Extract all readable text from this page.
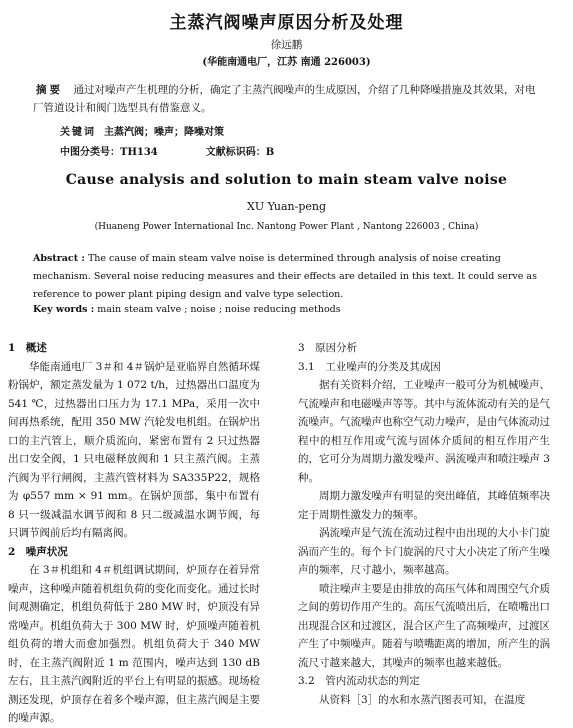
主蒸汽阀噪声原因分析及处理
徐远鹏
(华能南通电厂，江苏 南通 226003)
摘要　 通过对噪声产生机理的分析，确定了主蒸汽阀噪声的生成原因，介绍了几种降噪措施及其效果，对电厂管道设计和阀门选型具有借鉴意义。
关键词 主蒸汽阀；噪声；降噪对策
中图分类号：TH134	文献标识码：B
Cause analysis and solution to main steam valve noise
XU Yuan-peng
(Huaneng Power International Inc. Nantong Power Plant , Nantong 226003 , China)
Abstract : The cause of main steam valve noise is determined through analysis of noise creating mechanism. Several noise reducing measures and their effects are detailed in this text. It could serve as reference to power plant piping design and valve type selection.
Key words : main steam valve ; noise ; noise reducing methods
1　概述

华能南通电厂 3＃和 4＃锅炉是亚临界自然循环煤粉锅炉，额定蒸发量为 1 072 t/h，过热器出口温度为 541 ℃，过热器出口压力为 17.1 MPa，采用一次中间再热系统，配用 350 MW 汽轮发电机组。在锅炉出口的主汽管上，顺介质流向，紧密布置有 2 只过热器出口安全阀，1 只电磁释放阀和 1 只主蒸汽阀。主蒸汽阀为平行闸阀，主蒸汽管材料为 SA335P22，规格为 φ557 mm × 91 mm。在锅炉顶部，集中布置有 8 只一级减温水调节阀和 8 只二级减温水调节阀，每只调节阀前后均有隔离阀。

2　噪声状况

在 3＃机组和 4＃机组调试期间，炉顶存在着异常噪声，这种噪声随着机组负荷的变化而变化。通过长时间观测确定，机组负荷低于 280 MW 时，炉顶没有异常噪声。机组负荷大于 300 MW 时，炉顶噪声随着机组负荷的增大而愈加强烈。机组负荷大于 340 MW 时，在主蒸汽阀附近 1 m 范围内，噪声达到 130 dB 左右，且主蒸汽阀附近的平台上有明显的振感。现场检测还发现，炉顶存在着多个噪声源，但主蒸汽阀是主要的噪声源。

3　原因分析
3.1　工业噪声的分类及其成因

据有关资料介绍，工业噪声一般可分为机械噪声、气流噪声和电磁噪声等等。其中与流体流动有关的是气流噪声。气流噪声也称空气动力噪声，是由气体流动过程中的相互作用或气流与固体介质间的相互作用产生的，它可分为周期力激发噪声、涡流噪声和喷注噪声 3 种。

周期力激发噪声有明显的突出峰值，其峰值频率决定于周期性激发力的频率。

涡流噪声是气流在流动过程中由出现的大小卡门旋涡而产生的。每个卡门旋涡的尺寸大小决定了所产生噪声的频率，尺寸越小，频率越高。

喷注噪声主要是由排放的高压气体和周围空气介质之间的剪切作用产生的。高压气流喷出后，在喷嘴出口出现混合区和过渡区，混合区产生了高频噪声，过渡区产生了中频噪声。随着与喷嘴距离的增加，所产生的涡流尺寸越来越大，其噪声的频率也越来越低。

3.2　管内流动状态的判定

从资料［3］的水和水蒸汽图表可知，在温度
